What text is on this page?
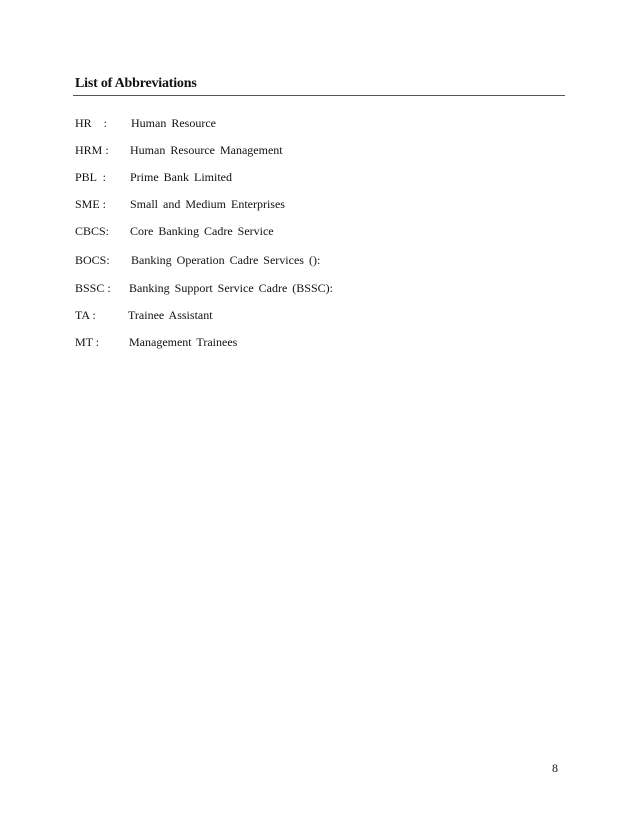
List of Abbreviations
HR    : Human Resource
HRM : Human Resource Management
PBL  : Prime Bank Limited
SME : Small and Medium Enterprises
CBCS: Core Banking Cadre Service
BOCS: Banking Operation Cadre Services ():
BSSC : Banking Support Service Cadre (BSSC):
TA :	Trainee Assistant
MT : Management Trainees
8
